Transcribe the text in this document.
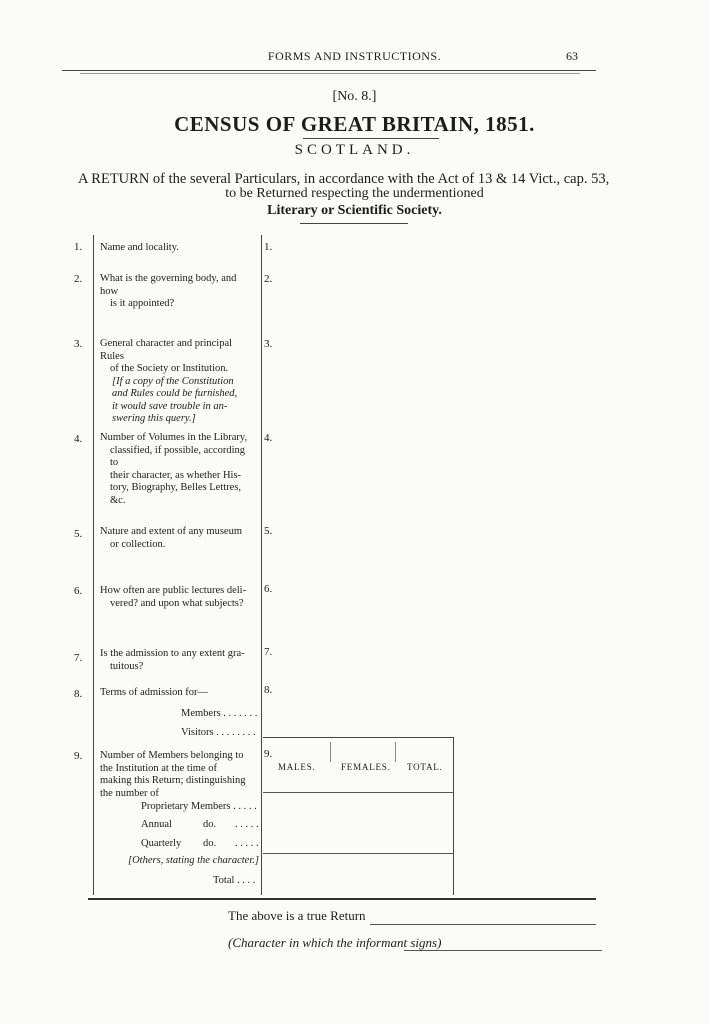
FORMS AND INSTRUCTIONS.	63
[No. 8.]
CENSUS OF GREAT BRITAIN, 1851.
SCOTLAND.
A RETURN of the several Particulars, in accordance with the Act of 13 & 14 Vict., cap. 53,
to be Returned respecting the undermentioned
Literary or Scientific Society.
1. Name and locality.	1.
2. What is the governing body, and how
is it appointed?
2.
3. General character and principal Rules
of the Society or Institution.
[If a copy of the Constitution
and Rules could be furnished,
it would save trouble in an-
swering this query.]
3.
4. Number of Volumes in the Library,
classified, if possible, according to
their character, as whether His-
tory, Biography, Belles Lettres,
&c.
4.
5. Nature and extent of any museum
or collection.
5.
6. How often are public lectures deli-
vered? and upon what subjects?
6.
7. Is the admission to any extent gra-
tuitous?
7.
8. Terms of admission for—	8.
Members . . . . . . .
Visitors . . . . . . . .
9. Number of Members belonging to
the Institution at the time of
making this Return; distinguishing
the number of
9.
Proprietary Members . . . . .
Annual	do. . . . . .
Quarterly do. . . . . .
[Others, stating the character.]
Total . . . .
MALES.	FEMALES. TOTAL.
The above is a true Return
(Character in which the informant signs)
